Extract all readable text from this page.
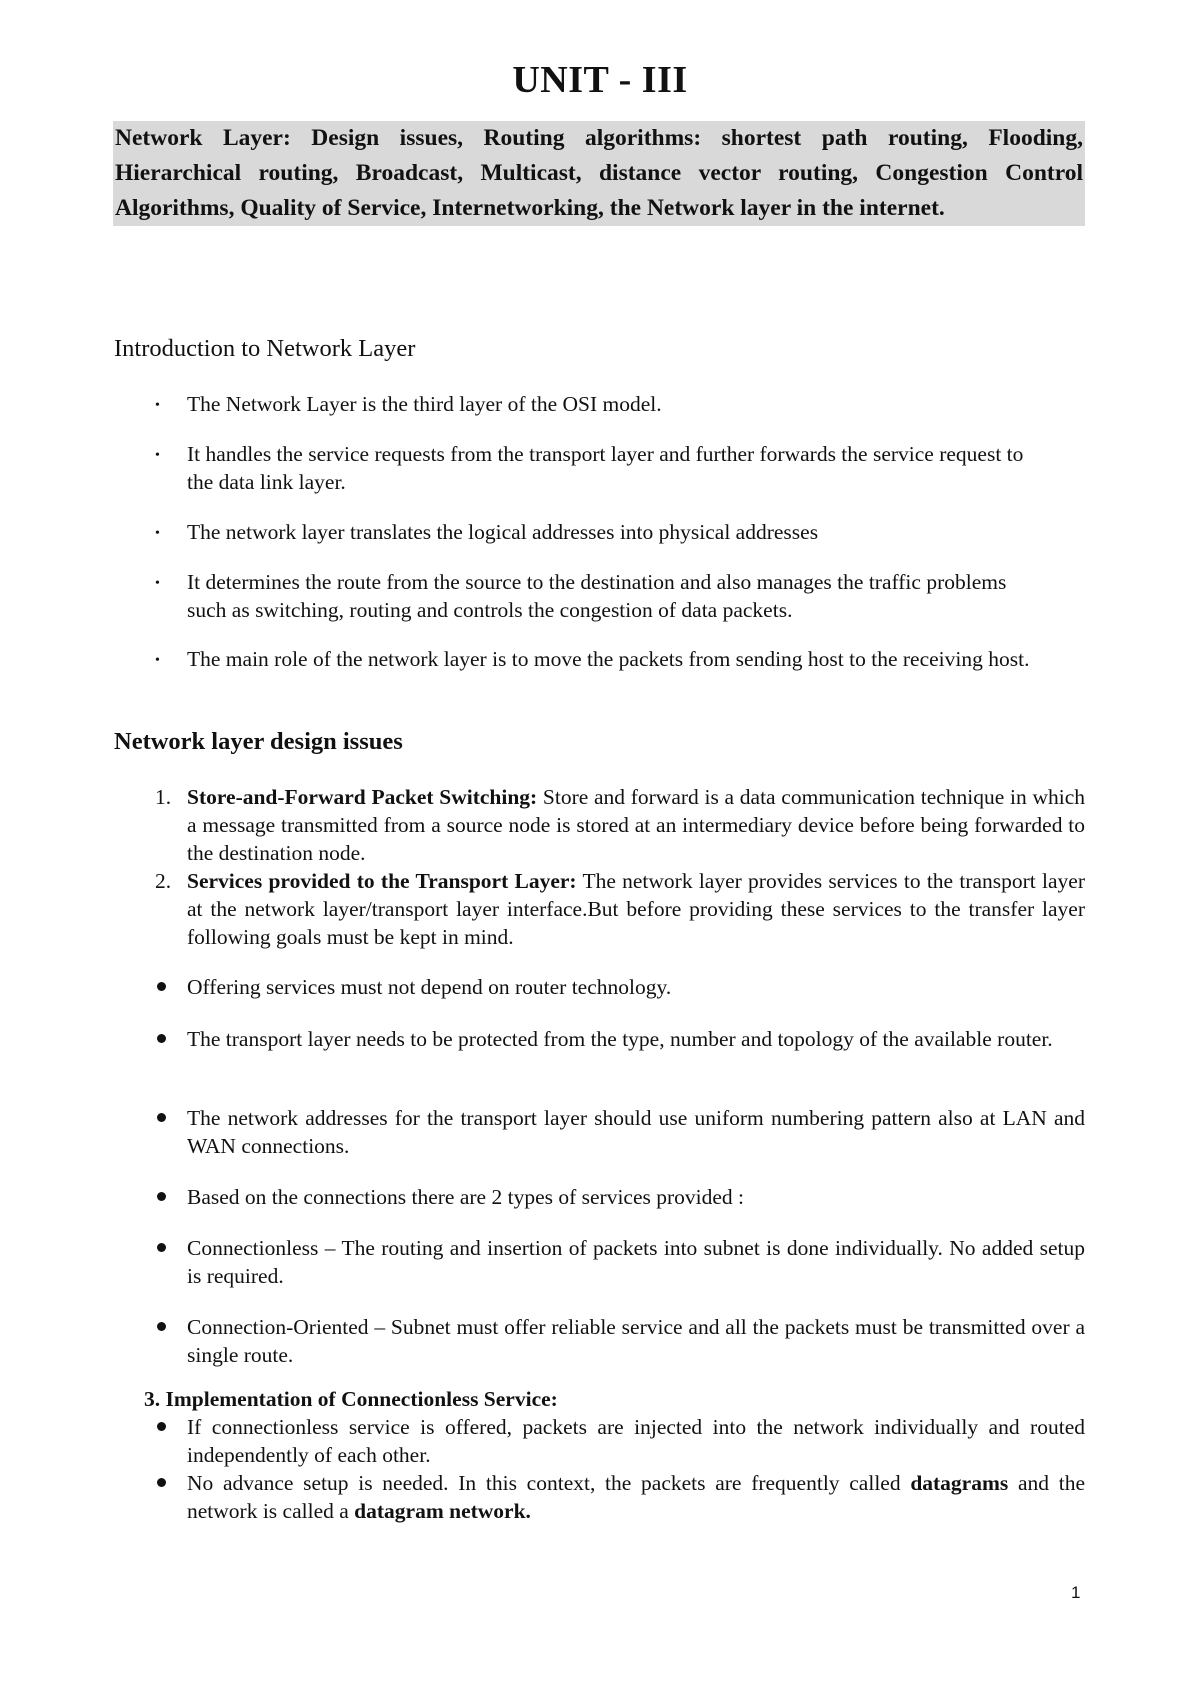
UNIT - III
Network Layer: Design issues, Routing algorithms: shortest path routing, Flooding, Hierarchical routing, Broadcast, Multicast, distance vector routing, Congestion Control Algorithms, Quality of Service, Internetworking, the Network layer in the internet.
Introduction to Network Layer
• The Network Layer is the third layer of the OSI model.
• It handles the service requests from the transport layer and further forwards the service request to the data link layer.
• The network layer translates the logical addresses into physical addresses
• It determines the route from the source to the destination and also manages the traffic problems such as switching, routing and controls the congestion of data packets.
• The main role of the network layer is to move the packets from sending host to the receiving host.
Network layer design issues
1. Store-and-Forward Packet Switching: Store and forward is a data communication technique in which a message transmitted from a source node is stored at an intermediary device before being forwarded to the destination node.
2. Services provided to the Transport Layer: The network layer provides services to the transport layer at the network layer/transport layer interface.But before providing these services to the transfer layer following goals must be kept in mind.
Offering services must not depend on router technology.
The transport layer needs to be protected from the type, number and topology of the available router.
The network addresses for the transport layer should use uniform numbering pattern also at LAN and WAN connections.
Based on the connections there are 2 types of services provided :
Connectionless – The routing and insertion of packets into subnet is done individually. No added setup is required.
Connection-Oriented – Subnet must offer reliable service and all the packets must be transmitted over a single route.
3. Implementation of Connectionless Service:
If connectionless service is offered, packets are injected into the network individually and routed independently of each other.
No advance setup is needed. In this context, the packets are frequently called datagrams and the network is called a datagram network.
1
